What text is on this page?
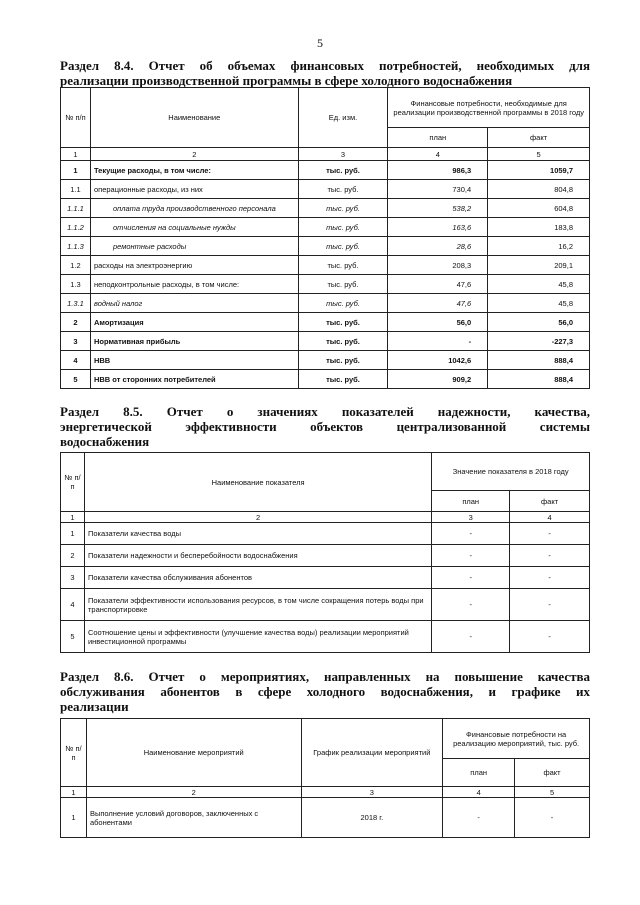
5
Раздел 8.4. Отчет об объемах финансовых потребностей, необходимых для
реализации производственной программы в сфере холодного водоснабжения
№ п/п	Наименование	Ед. изм.	Финансовые потребности, необходимые для реализации производственной программы в 2018 году	
			план	факт
1	2	3	4	5
1	Текущие расходы, в том числе:	тыс. руб.	986,3	1059,7
1.1	операционные расходы, из них	тыс. руб.	730,4	804,8
1.1.1	оплата труда производственного персонала	тыс. руб.	538,2	604,8
1.1.2	отчисления на социальные нужды	тыс. руб.	163,6	183,8
1.1.3	ремонтные расходы	тыс. руб.	28,6	16,2
1.2	расходы на электроэнергию	тыс. руб.	208,3	209,1
1.3	неподконтрольные расходы, в том числе:	тыс. руб.	47,6	45,8
1.3.1	водный налог	тыс. руб.	47,6	45,8
2	Амортизация	тыс. руб.	56,0	56,0
3	Нормативная прибыль	тыс. руб.	-	-227,3
4	НВВ	тыс. руб.	1042,6	888,4
5	НВВ от сторонних потребителей	тыс. руб.	909,2	888,4
Раздел 8.5. Отчет о значениях показателей надежности, качества,
энергетической эффективности объектов централизованной системы
водоснабжения
№ п/п	Наименование показателя	Значение показателя в 2018 году	
		план	факт
1	2	3	4
1	Показатели качества воды	-	-
2	Показатели надежности и бесперебойности водоснабжения	-	-
3	Показатели качества обслуживания абонентов	-	-
4	Показатели эффективности использования ресурсов, в том числе сокращения потерь воды при транспортировке	-	-
5	Соотношение цены и эффективности (улучшение качества воды) реализации мероприятий инвестиционной программы	-	-
Раздел 8.6. Отчет о мероприятиях, направленных на повышение качества
обслуживания абонентов в сфере холодного водоснабжения, и графике их
реализации
№ п/п	Наименование мероприятий	График реализации мероприятий	Финансовые потребности на реализацию мероприятий, тыс. руб.	
			план	факт
1	2	3	4	5
1	Выполнение условий договоров, заключенных с абонентами	2018 г.	-	-
